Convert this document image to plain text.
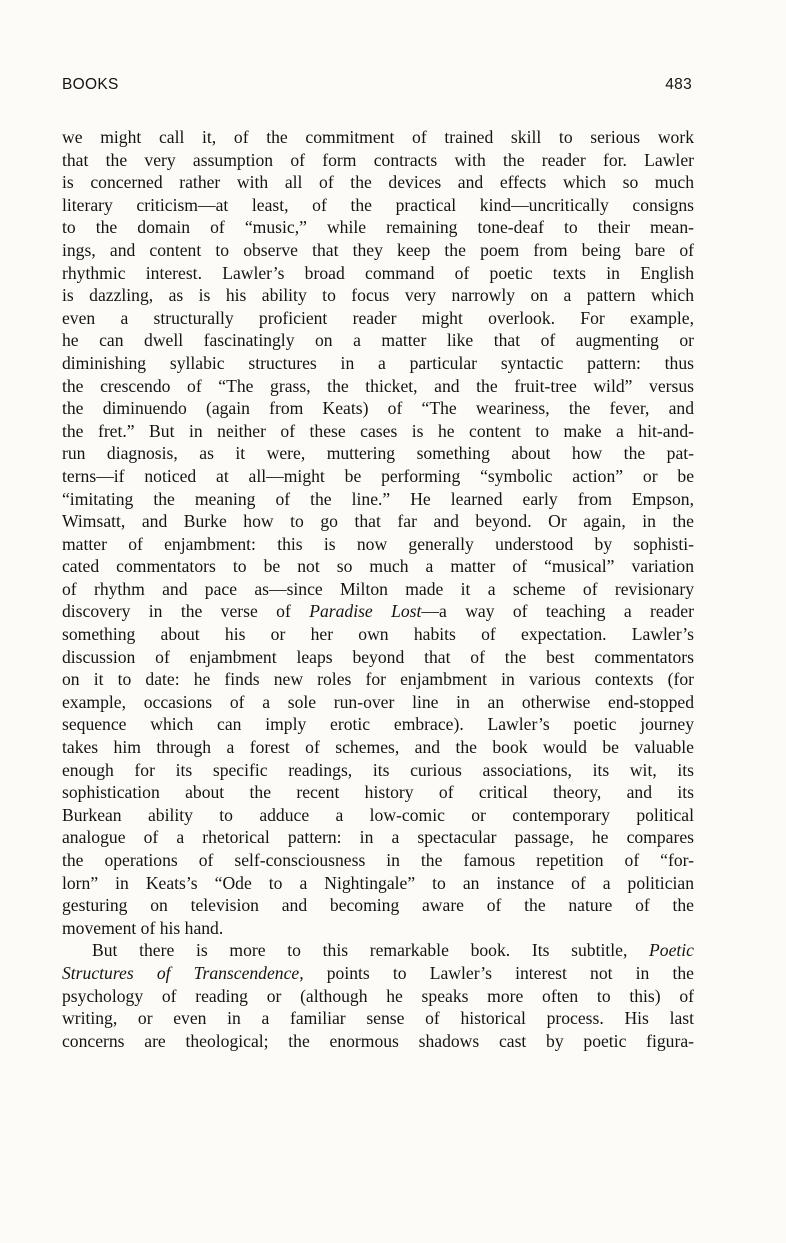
BOOKS	483
we might call it, of the commitment of trained skill to serious work
that the very assumption of form contracts with the reader for. Lawler
is concerned rather with all of the devices and effects which so much
literary criticism—at least, of the practical kind—uncritically consigns
to the domain of “music,” while remaining tone-deaf to their mean-
ings, and content to observe that they keep the poem from being bare of
rhythmic interest. Lawler’s broad command of poetic texts in English
is dazzling, as is his ability to focus very narrowly on a pattern which
even a structurally proficient reader might overlook. For example,
he can dwell fascinatingly on a matter like that of augmenting or
diminishing syllabic structures in a particular syntactic pattern: thus
the crescendo of “The grass, the thicket, and the fruit-tree wild” versus
the diminuendo (again from Keats) of “The weariness, the fever, and
the fret.” But in neither of these cases is he content to make a hit-and-
run diagnosis, as it were, muttering something about how the pat-
terns—if noticed at all—might be performing “symbolic action” or be
“imitating the meaning of the line.” He learned early from Empson,
Wimsatt, and Burke how to go that far and beyond. Or again, in the
matter of enjambment: this is now generally understood by sophisti-
cated commentators to be not so much a matter of “musical” variation
of rhythm and pace as—since Milton made it a scheme of revisionary
discovery in the verse of Paradise Lost—a way of teaching a reader
something about his or her own habits of expectation. Lawler’s
discussion of enjambment leaps beyond that of the best commentators
on it to date: he finds new roles for enjambment in various contexts (for
example, occasions of a sole run-over line in an otherwise end-stopped
sequence which can imply erotic embrace). Lawler’s poetic journey
takes him through a forest of schemes, and the book would be valuable
enough for its specific readings, its curious associations, its wit, its
sophistication about the recent history of critical theory, and its
Burkean ability to adduce a low-comic or contemporary political
analogue of a rhetorical pattern: in a spectacular passage, he compares
the operations of self-consciousness in the famous repetition of “for-
lorn” in Keats’s “Ode to a Nightingale” to an instance of a politician
gesturing on television and becoming aware of the nature of the
movement of his hand.
But there is more to this remarkable book. Its subtitle, Poetic
Structures of Transcendence, points to Lawler’s interest not in the
psychology of reading or (although he speaks more often to this) of
writing, or even in a familiar sense of historical process. His last
concerns are theological; the enormous shadows cast by poetic figura-
